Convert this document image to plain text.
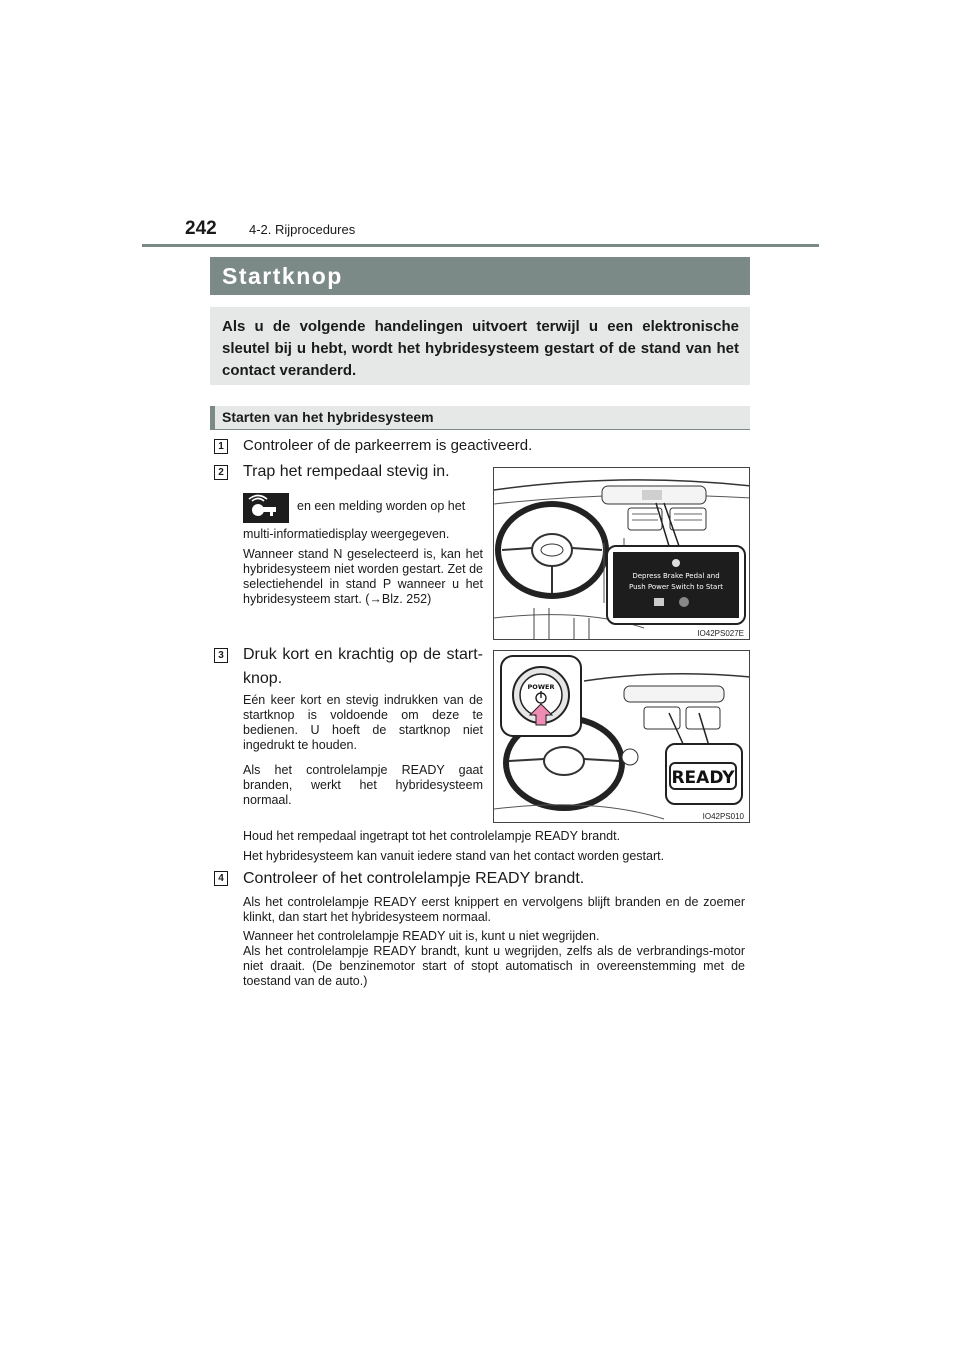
242 4-2. Rijprocedures
Startknop
Als u de volgende handelingen uitvoert terwijl u een elektronische sleutel bij u hebt, wordt het hybridesysteem gestart of de stand van het contact veranderd.
Starten van het hybridesysteem
1 Controleer of de parkeerrem is geactiveerd.
2 Trap het rempedaal stevig in.
en een melding worden op het
multi-informatiedisplay weergegeven.
Wanneer stand N geselecteerd is, kan het hybridesysteem niet worden gestart. Zet de selectiehendel in stand P wanneer u het hybridesysteem start. (→Blz. 252)
Depress Brake Pedal and
Push Power Switch to Start
IO42PS027E
3 Druk kort en krachtig op de start-knop.
Eén keer kort en stevig indrukken van de startknop is voldoende om deze te bedienen. U hoeft de startknop niet ingedrukt te houden.
Als het controlelampje READY gaat branden, werkt het hybridesysteem normaal.
READY
POWER
IO42PS010
Houd het rempedaal ingetrapt tot het controlelampje READY brandt.
Het hybridesysteem kan vanuit iedere stand van het contact worden gestart.
4 Controleer of het controlelampje READY brandt.
Als het controlelampje READY eerst knippert en vervolgens blijft branden en de zoemer klinkt, dan start het hybridesysteem normaal.
Wanneer het controlelampje READY uit is, kunt u niet wegrijden.
Als het controlelampje READY brandt, kunt u wegrijden, zelfs als de verbrandings-motor niet draait. (De benzinemotor start of stopt automatisch in overeenstemming met de toestand van de auto.)
